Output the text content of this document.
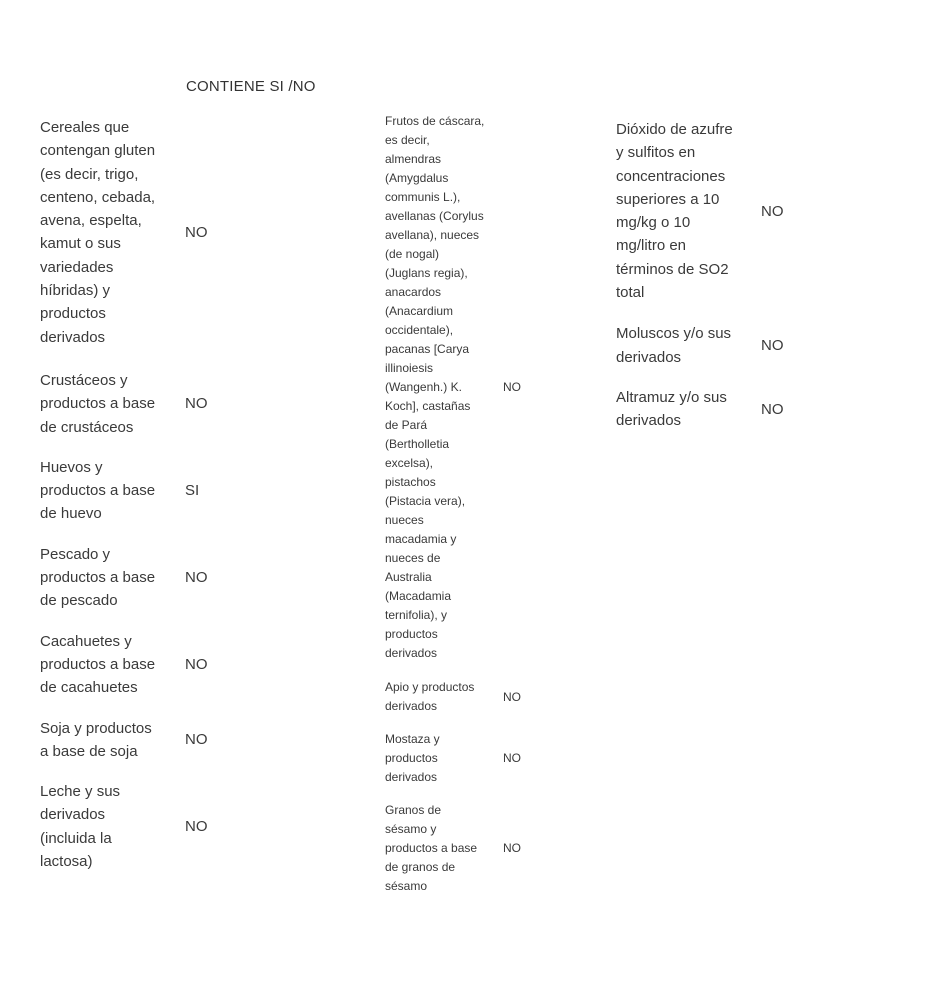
CONTIENE SI /NO
Cereales que contengan gluten (es decir, trigo, centeno, cebada, avena, espelta, kamut o sus variedades híbridas) y productos derivados
NO
Crustáceos y productos a base de crustáceos
NO
Huevos y productos a base de huevo
SI
Pescado y productos a base de pescado
NO
Cacahuetes y productos a base de cacahuetes
NO
Soja y productos a base de soja
NO
Leche y sus derivados (incluida la lactosa)
NO
Frutos de cáscara, es decir, almendras (Amygdalus communis L.), avellanas (Corylus avellana), nueces (de nogal) (Juglans regia), anacardos (Anacardium occidentale), pacanas [Carya illinoiesis (Wangenh.) K. Koch], castañas de Pará (Bertholletia excelsa), pistachos (Pistacia vera), nueces macadamia y nueces de Australia (Macadamia ternifolia), y productos derivados
NO
Apio y productos derivados
NO
Mostaza y productos derivados
NO
Granos de sésamo y productos a base de granos de sésamo
NO
Dióxido de azufre y sulfitos en concentraciones superiores a 10 mg/kg o 10 mg/litro en términos de SO2 total
NO
Moluscos y/o sus derivados
NO
Altramuz y/o sus derivados
NO
